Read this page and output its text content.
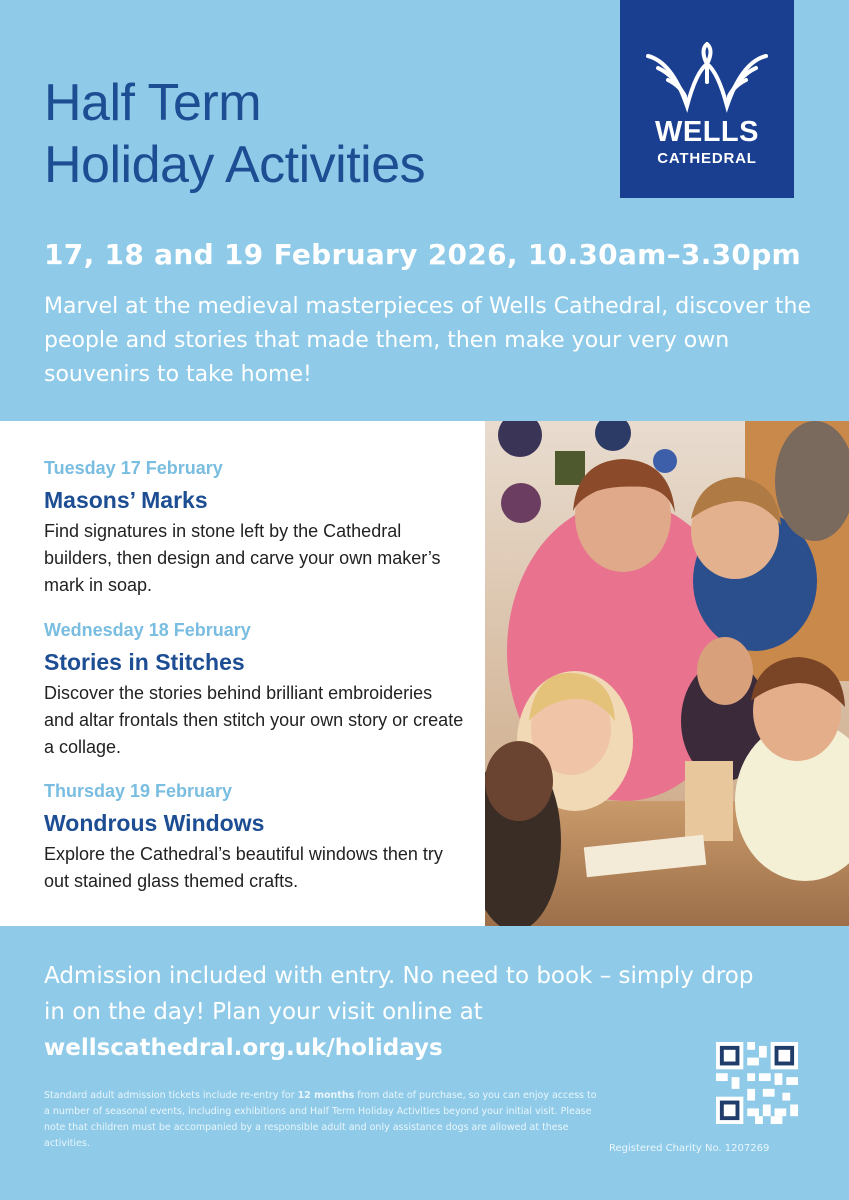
Half Term
Holiday Activities
WELLS
CATHEDRAL
17, 18 and 19 February 2026, 10.30am–3.30pm
Marvel at the medieval masterpieces of Wells Cathedral, discover the people and stories that made them, then make your very own souvenirs to take home!
Tuesday 17 February
Masons’ Marks
Find signatures in stone left by the Cathedral builders, then design and carve your own maker’s mark in soap.
Wednesday 18 February
Stories in Stitches
Discover the stories behind brilliant embroideries and altar frontals then stitch your own story or create a collage.
Thursday 19 February
Wondrous Windows
Explore the Cathedral’s beautiful windows then try out stained glass themed crafts.
Admission included with entry. No need to book – simply drop in on the day! Plan your visit online at
wellscathedral.org.uk/holidays
Standard adult admission tickets include re-entry for 12 months from date of purchase, so you can enjoy access to a number of seasonal events, including exhibitions and Half Term Holiday Activities beyond your initial visit. Please note that children must be accompanied by a responsible adult and only assistance dogs are allowed at these activities.	Registered Charity No. 1207269
